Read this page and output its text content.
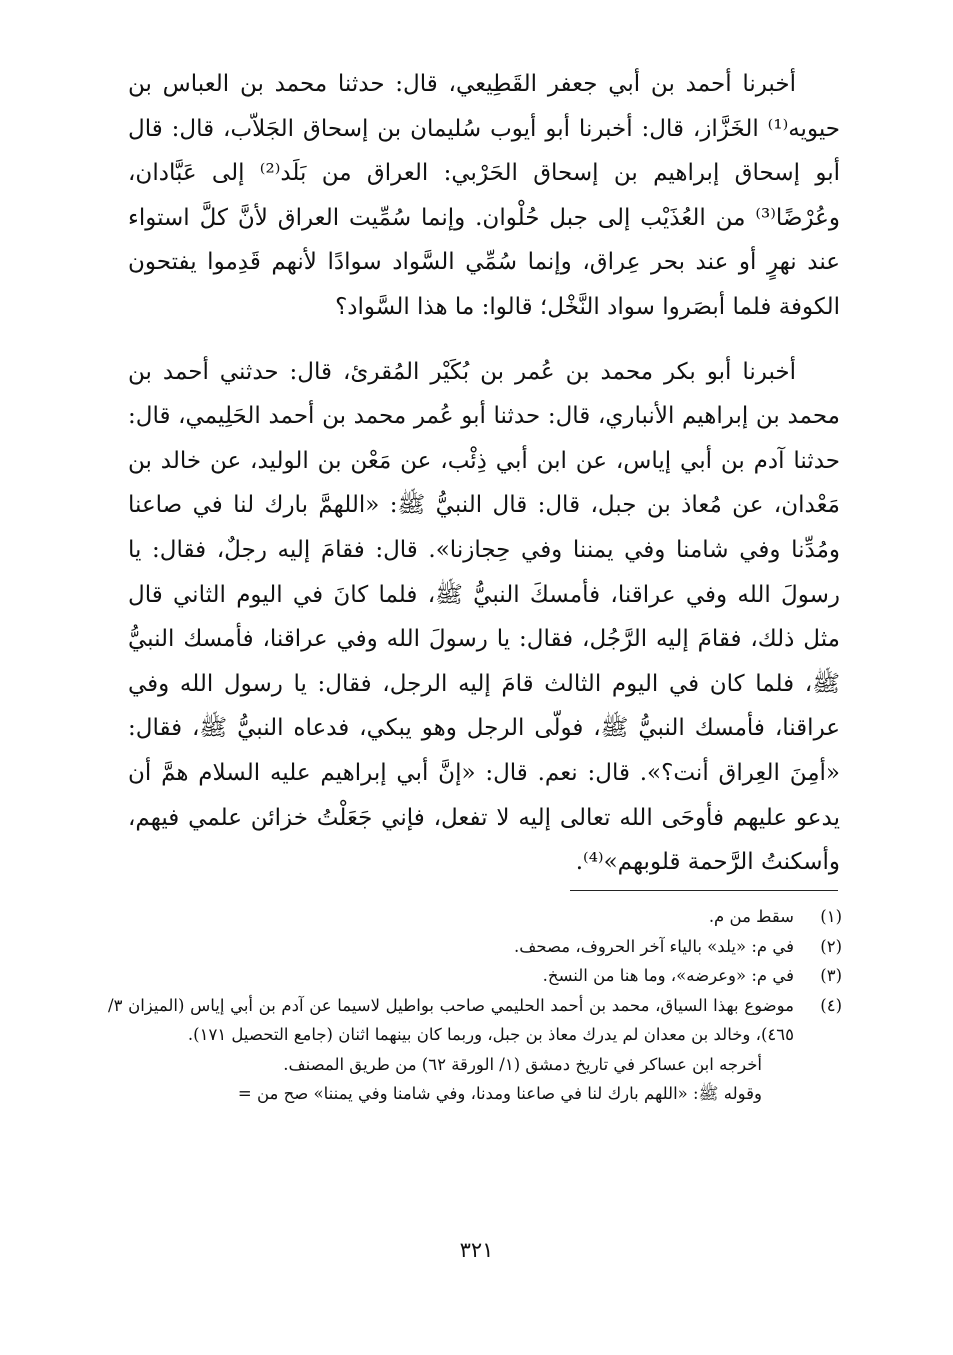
أخبرنا أحمد بن أبي جعفر القَطِيعي، قال: حدثنا محمد بن العباس بن حيويه⁽¹⁾ الخَزَّاز، قال: أخبرنا أبو أيوب سُليمان بن إسحاق الجَلاّب، قال: قال أبو إسحاق إبراهيم بن إسحاق الحَرْبي: العراق من بَلَد⁽²⁾ إلى عَبَّادان، وعُرْضًا⁽³⁾ من العُذَيْب إلى جبل حُلْوان. وإنما سُمِّيت العراق لأنَّ كلَّ استواء عند نهرٍ أو عند بحر عِراق، وإنما سُمِّي السَّواد سوادًا لأنهم قَدِموا يفتحون الكوفة فلما أبصَروا سواد النَّخْل؛ قالوا: ما هذا السَّواد؟

أخبرنا أبو بكر محمد بن عُمر بن بُكَيْر المُقرئ، قال: حدثني أحمد بن محمد بن إبراهيم الأنباري، قال: حدثنا أبو عُمر محمد بن أحمد الحَلِيمي، قال: حدثنا آدم بن أبي إياس، عن ابن أبي ذِئْب، عن مَعْن بن الوليد، عن خالد بن مَعْدان، عن مُعاذ بن جبل، قال: قال النبيُّ ﷺ: «اللهمَّ بارك لنا في صاعنا ومُدِّنا وفي شامنا وفي يمننا وفي حِجازنا». قال: فقامَ إليه رجلٌ، فقال: يا رسولَ الله وفي عراقنا، فأمسكَ النبيُّ ﷺ، فلما كانَ في اليوم الثاني قال مثل ذلك، فقامَ إليه الرَّجُل، فقال: يا رسولَ الله وفي عراقنا، فأمسك النبيُّ ﷺ، فلما كان في اليوم الثالث قامَ إليه الرجل، فقال: يا رسول الله وفي عراقنا، فأمسك النبيُّ ﷺ، فولّى الرجل وهو يبكي، فدعاه النبيُّ ﷺ، فقال: «أمِنَ العِراق أنت؟». قال: نعم. قال: «إنَّ أبي إبراهيم عليه السلام همَّ أن يدعو عليهم فأوحَى الله تعالى إليه لا تفعل، فإني جَعَلْتُ خزائن علمي فيهم، وأسكنتُ الرَّحمة قلوبهم»⁽⁴⁾.

(١)
سقط من م.
(٢)
في م: «يلد» بالياء آخر الحروف، مصحف.
(٣)
في م: «وعرضه»، وما هنا من النسخ.
(٤)
موضوع بهذا السياق، محمد بن أحمد الحليمي صاحب بواطيل لاسيما عن آدم بن أبي إياس (الميزان ٣/ ٤٦٥)، وخالد بن معدان لم يدرك معاذ بن جبل، وربما كان بينهما اثنان (جامع التحصيل ١٧١).
أخرجه ابن عساكر في تاريخ دمشق (١/ الورقة ٦٢) من طريق المصنف.
وقوله ﷺ: «اللهم بارك لنا في صاعنا ومدنا، وفي شامنا وفي يمننا» صح من =
٣٢١
